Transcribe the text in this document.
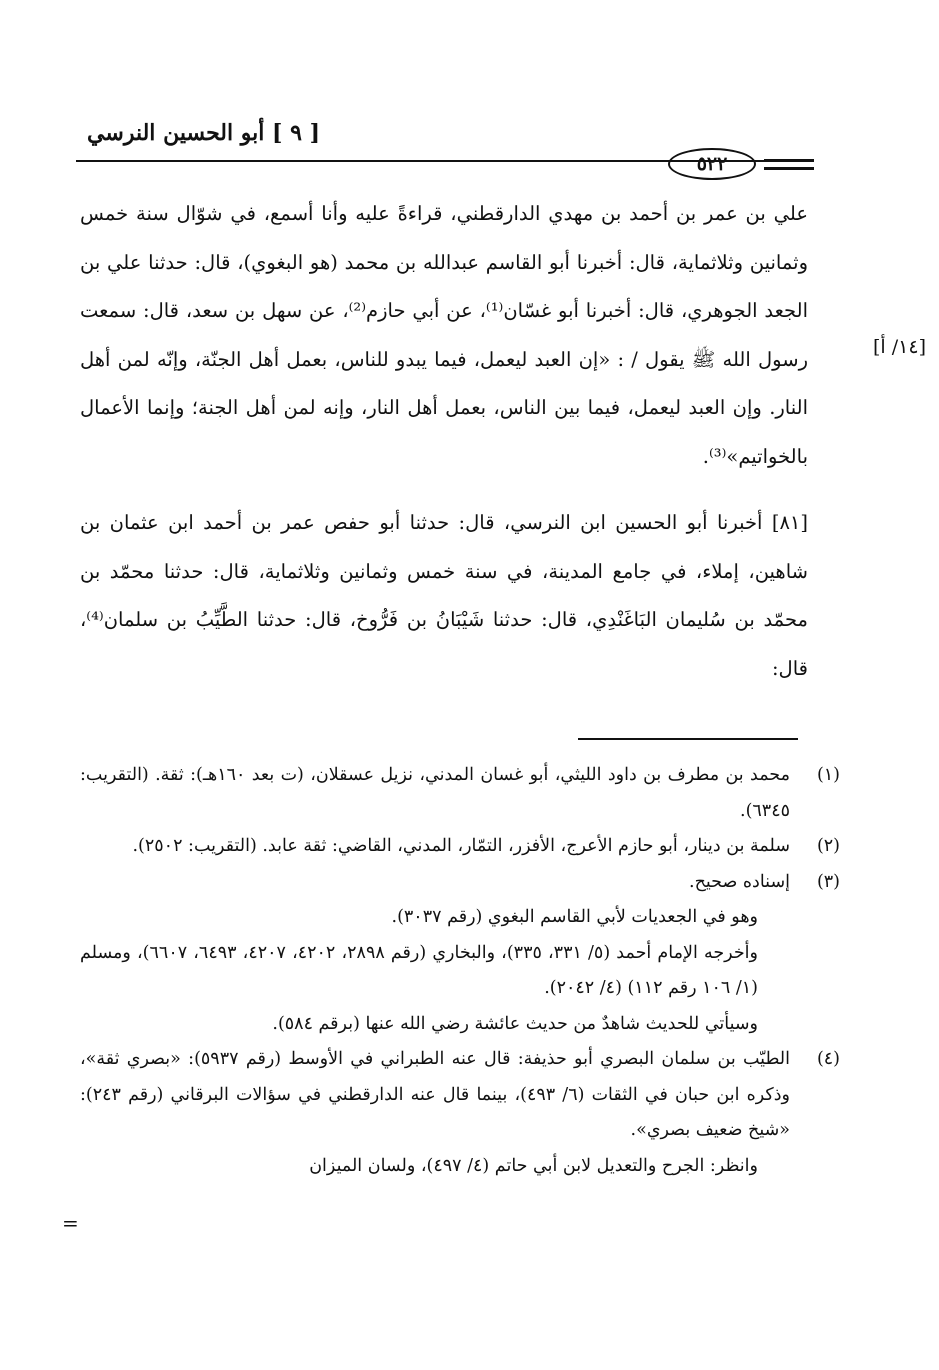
[ ٩ ] أبو الحسين النرسي
٥٢٢
[١٤/ أ]

علي بن عمر بن أحمد بن مهدي الدارقطني، قراءةً عليه وأنا أسمع، في شوّال سنة خمس وثمانين وثلاثماية، قال: أخبرنا أبو القاسم عبدالله بن محمد (هو البغوي)، قال: حدثنا علي بن الجعد الجوهري، قال: أخبرنا أبو غسّان⁽¹⁾، عن أبي حازم⁽²⁾، عن سهل بن سعد، قال: سمعت رسول الله ﷺ يقول / : «إن العبد ليعمل، فيما يبدو للناس، بعمل أهل الجنّة، وإنّه لمن أهل النار. وإن العبد ليعمل، فيما بين الناس، بعمل أهل النار، وإنه لمن أهل الجنة؛ وإنما الأعمال بالخواتيم»⁽³⁾.

[٨١] أخبرنا أبو الحسين ابن النرسي، قال: حدثنا أبو حفص عمر بن أحمد ابن عثمان بن شاهين، إملاء، في جامع المدينة، في سنة خمس وثمانين وثلاثماية، قال: حدثنا محمّد بن محمّد بن سُليمان البَاغَنْدِي، قال: حدثنا شَيْبَانُ بن فَرُّوخ، قال: حدثنا الطَّيِّبُ بن سلمان⁽⁴⁾، قال:

(١)
محمد بن مطرف بن داود الليثي، أبو غسان المدني، نزيل عسقلان، (ت بعد ١٦٠هـ): ثقة. (التقريب: ٦٣٤٥).
(٢)
سلمة بن دينار، أبو حازم الأعرج، الأفزر، التمّار، المدني، القاضي: ثقة عابد. (التقريب: ٢٥٠٢).
(٣)
إسناده صحيح.
وهو في الجعديات لأبي القاسم البغوي (رقم ٣٠٣٧).
وأخرجه الإمام أحمد (٥/ ٣٣١، ٣٣٥)، والبخاري (رقم ٢٨٩٨، ٤٢٠٢، ٤٢٠٧، ٦٤٩٣، ٦٦٠٧)، ومسلم (١/ ١٠٦ رقم ١١٢) (٤/ ٢٠٤٢).
وسيأتي للحديث شاهدٌ من حديث عائشة رضي الله عنها (برقم ٥٨٤).
(٤)
الطيّب بن سلمان البصري أبو حذيفة: قال عنه الطبراني في الأوسط (رقم ٥٩٣٧): «بصري ثقة»، وذكره ابن حبان في الثقات (٦/ ٤٩٣)، بينما قال عنه الدارقطني في سؤالات البرقاني (رقم ٢٤٣): «شيخ ضعيف بصري».
وانظر: الجرح والتعديل لابن أبي حاتم (٤/ ٤٩٧)، ولسان الميزان
=
